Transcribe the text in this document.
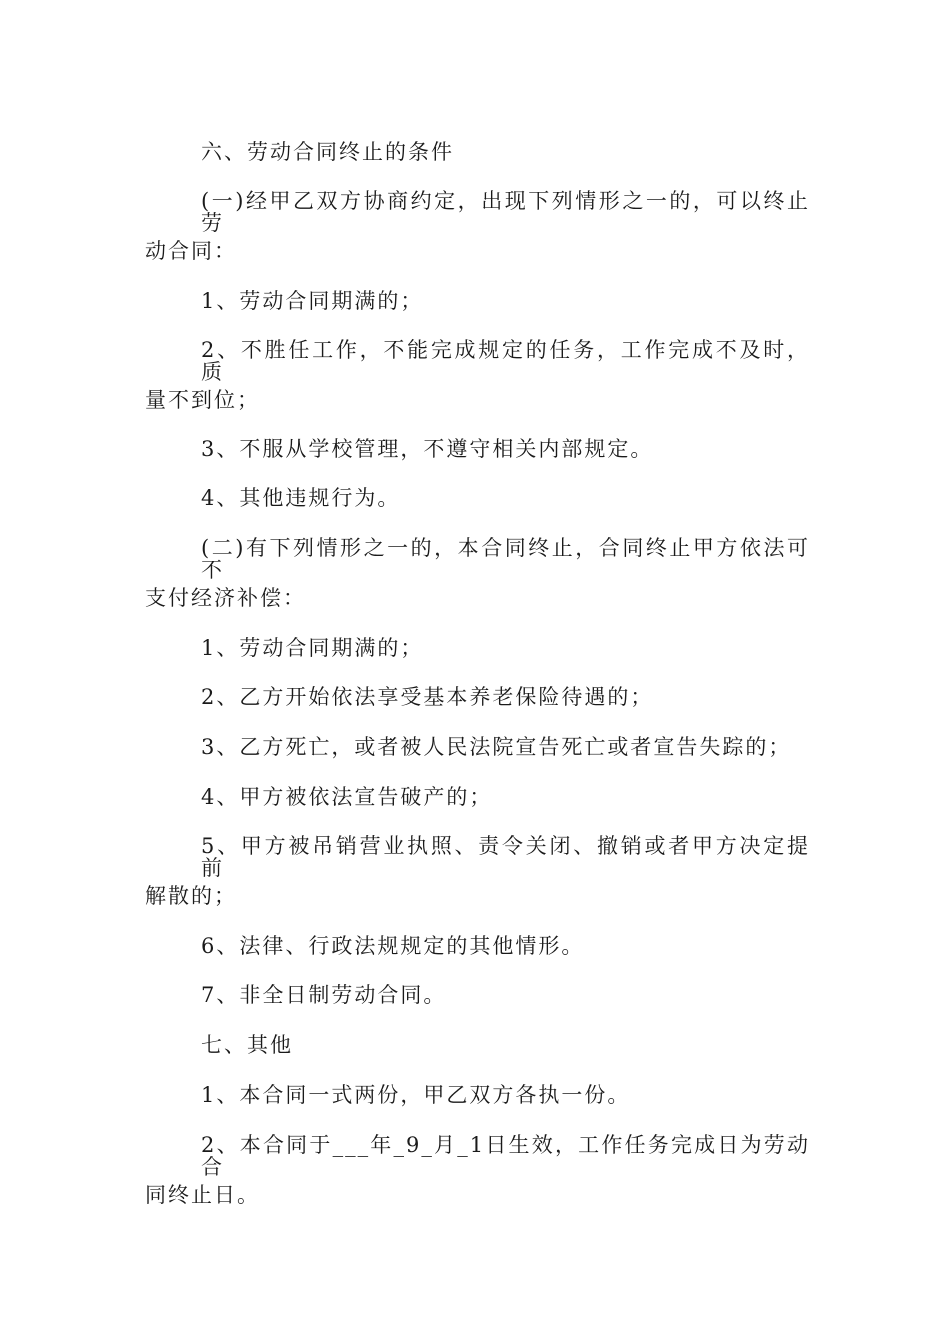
六、劳动合同终止的条件
(一)经甲乙双方协商约定，出现下列情形之一的，可以终止劳
动合同：
1、劳动合同期满的；
2、不胜任工作，不能完成规定的任务，工作完成不及时，质
量不到位；
3、不服从学校管理，不遵守相关内部规定。
4、其他违规行为。
(二)有下列情形之一的，本合同终止，合同终止甲方依法可不
支付经济补偿：
1、劳动合同期满的；
2、乙方开始依法享受基本养老保险待遇的；
3、乙方死亡，或者被人民法院宣告死亡或者宣告失踪的；
4、甲方被依法宣告破产的；
5、甲方被吊销营业执照、责令关闭、撤销或者甲方决定提前
解散的；
6、法律、行政法规规定的其他情形。
7、非全日制劳动合同。
七、其他
1、本合同一式两份，甲乙双方各执一份。
2、本合同于___年_9_月_1日生效，工作任务完成日为劳动合
同终止日。
